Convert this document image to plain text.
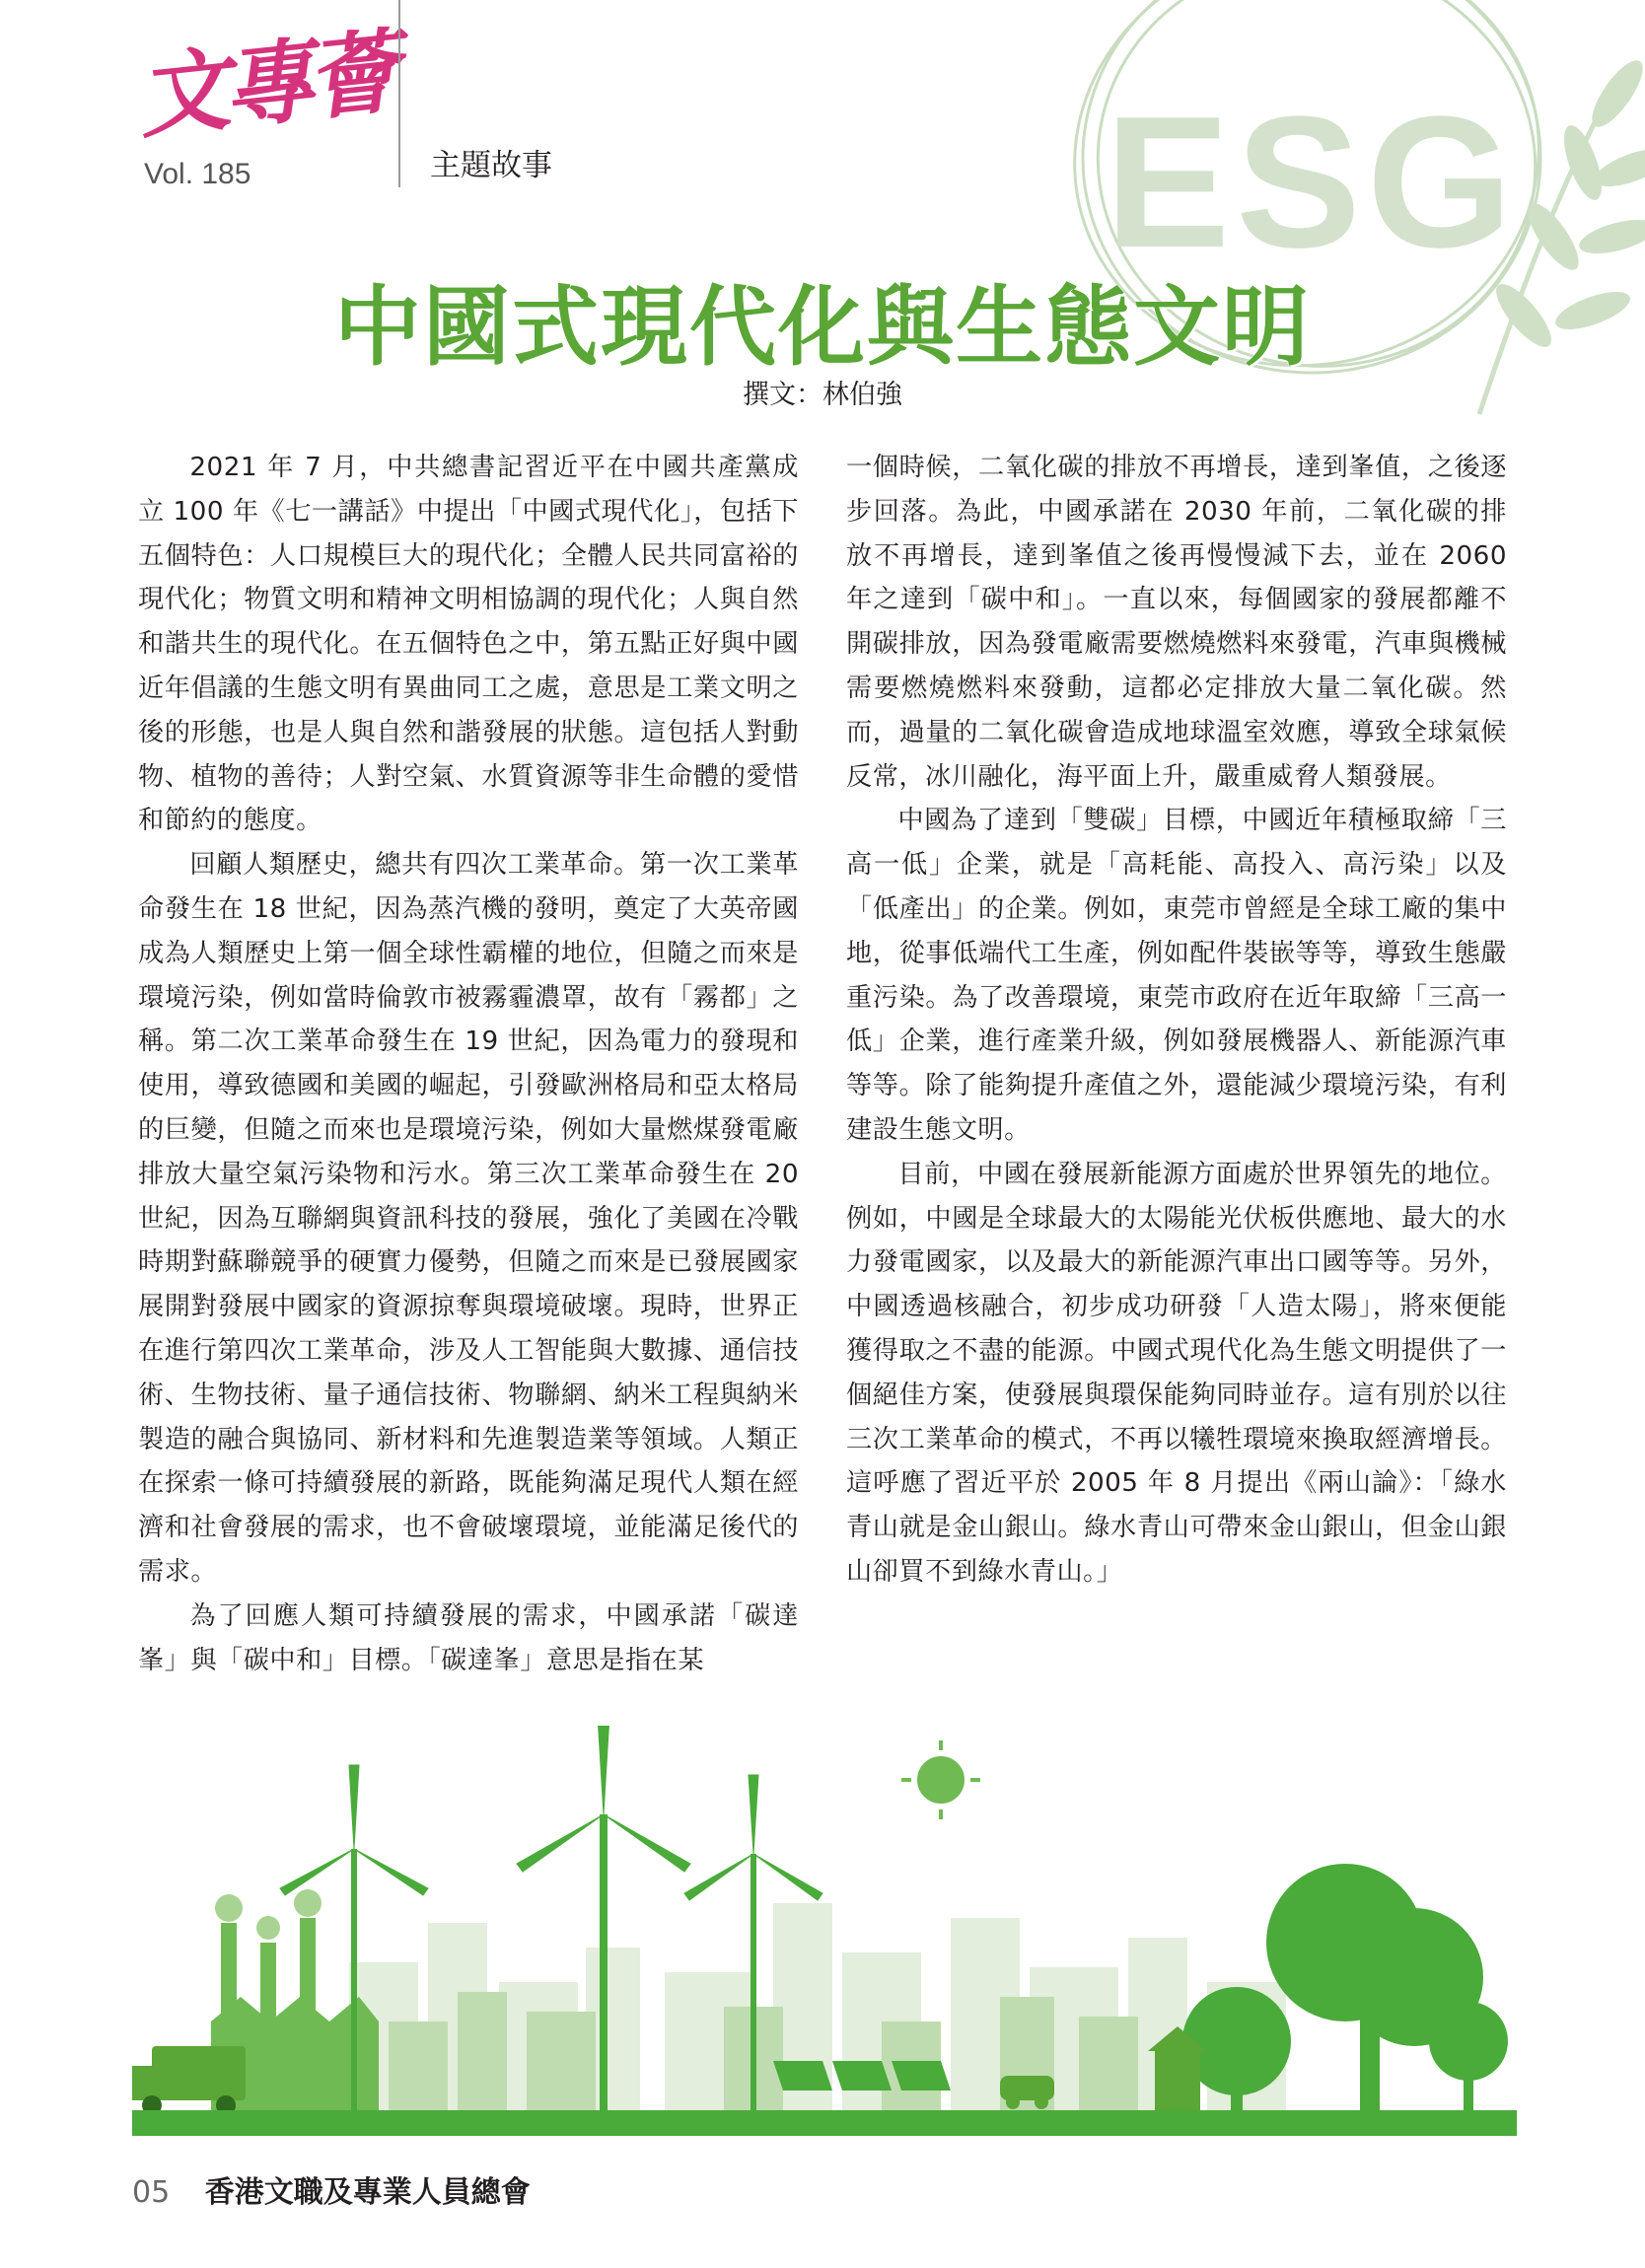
文專薈
Vol. 185	主題故事	ESG
中國式現代化與生態文明
撰文：林伯強

2021 年 7 月，中共總書記習近平在中國共產黨成立 100 年《七一講話》中提出「中國式現代化」，包括下五個特色：人口規模巨大的現代化；全體人民共同富裕的現代化；物質文明和精神文明相協調的現代化；人與自然和諧共生的現代化。在五個特色之中，第五點正好與中國近年倡議的生態文明有異曲同工之處，意思是工業文明之後的形態，也是人與自然和諧發展的狀態。這包括人對動物、植物的善待；人對空氣、水質資源等非生命體的愛惜和節約的態度。

回顧人類歷史，總共有四次工業革命。第一次工業革命發生在 18 世紀，因為蒸汽機的發明，奠定了大英帝國成為人類歷史上第一個全球性霸權的地位，但隨之而來是環境污染，例如當時倫敦市被霧霾濃罩，故有「霧都」之稱。第二次工業革命發生在 19 世紀，因為電力的發現和使用，導致德國和美國的崛起，引發歐洲格局和亞太格局的巨變，但隨之而來也是環境污染，例如大量燃煤發電廠排放大量空氣污染物和污水。第三次工業革命發生在 20 世紀，因為互聯網與資訊科技的發展，強化了美國在冷戰時期對蘇聯競爭的硬實力優勢，但隨之而來是已發展國家展開對發展中國家的資源掠奪與環境破壞。現時，世界正在進行第四次工業革命，涉及人工智能與大數據、通信技術、生物技術、量子通信技術、物聯網、納米工程與納米製造的融合與協同、新材料和先進製造業等領域。人類正在探索一條可持續發展的新路，既能夠滿足現代人類在經濟和社會發展的需求，也不會破壞環境，並能滿足後代的需求。

為了回應人類可持續發展的需求，中國承諾「碳達峯」與「碳中和」目標。「碳達峯」意思是指在某

一個時候，二氧化碳的排放不再增長，達到峯值，之後逐步回落。為此，中國承諾在 2030 年前，二氧化碳的排放不再增長，達到峯值之後再慢慢減下去，並在 2060 年之達到「碳中和」。一直以來，每個國家的發展都離不開碳排放，因為發電廠需要燃燒燃料來發電，汽車與機械需要燃燒燃料來發動，這都必定排放大量二氧化碳。然而，過量的二氧化碳會造成地球溫室效應，導致全球氣候反常，冰川融化，海平面上升，嚴重威脅人類發展。

中國為了達到「雙碳」目標，中國近年積極取締「三高一低」企業，就是「高耗能、高投入、高污染」以及「低產出」的企業。例如，東莞市曾經是全球工廠的集中地，從事低端代工生產，例如配件裝嵌等等，導致生態嚴重污染。為了改善環境，東莞市政府在近年取締「三高一低」企業，進行產業升級，例如發展機器人、新能源汽車等等。除了能夠提升產值之外，還能減少環境污染，有利建設生態文明。

目前，中國在發展新能源方面處於世界領先的地位。例如，中國是全球最大的太陽能光伏板供應地、最大的水力發電國家，以及最大的新能源汽車出口國等等。另外，中國透過核融合，初步成功研發「人造太陽」，將來便能獲得取之不盡的能源。中國式現代化為生態文明提供了一個絕佳方案，使發展與環保能夠同時並存。這有別於以往三次工業革命的模式，不再以犧牲環境來換取經濟增長。這呼應了習近平於 2005 年 8 月提出《兩山論》：「綠水青山就是金山銀山。綠水青山可帶來金山銀山，但金山銀山卻買不到綠水青山。」

05 香港文職及專業人員總會
